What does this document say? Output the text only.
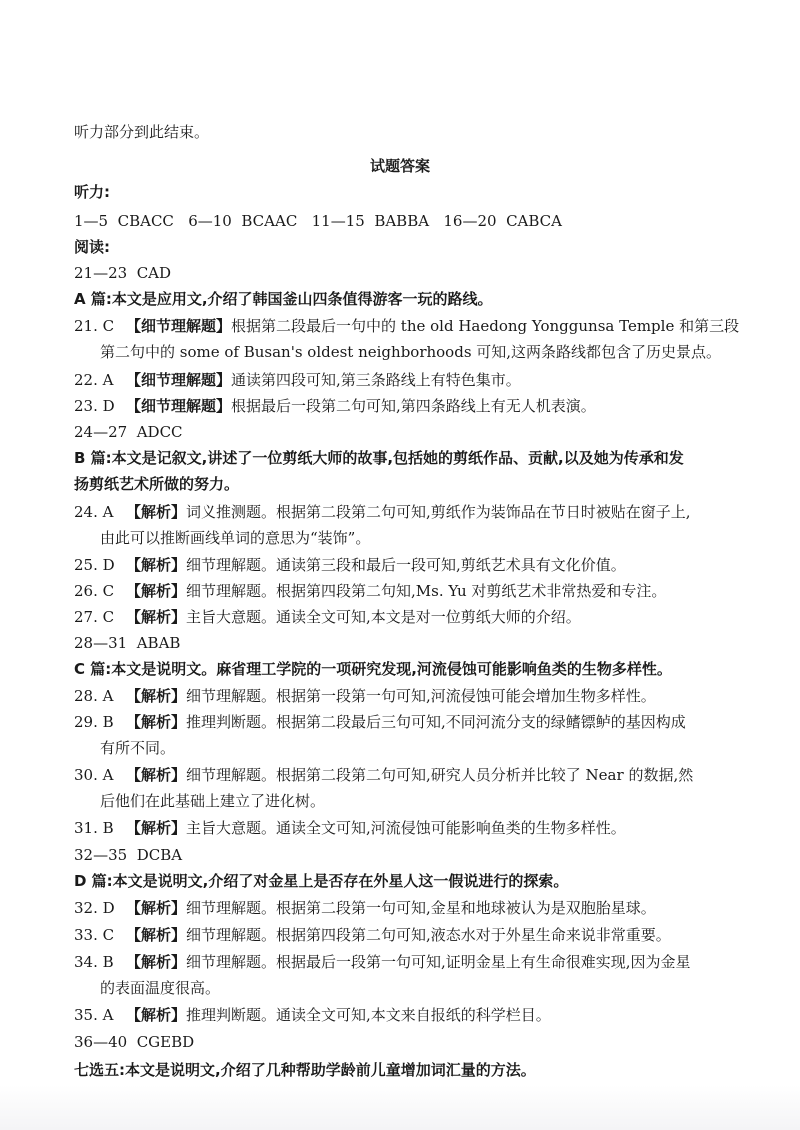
听力部分到此结束。
试题答案
听力:
1—5  CBACC   6—10  BCAAC   11—15  BABBA   16—20  CABCA
阅读:
21—23  CAD
A 篇:本文是应用文,介绍了韩国釜山四条值得游客一玩的路线。
21. C 【细节理解题】根据第二段最后一句中的 the old Haedong Yonggunsa Temple 和第三段
第二句中的 some of Busan's oldest neighborhoods 可知,这两条路线都包含了历史景点。
22. A 【细节理解题】通读第四段可知,第三条路线上有特色集市。
23. D 【细节理解题】根据最后一段第二句可知,第四条路线上有无人机表演。
24—27  ADCC
B 篇:本文是记叙文,讲述了一位剪纸大师的故事,包括她的剪纸作品、贡献,以及她为传承和发
扬剪纸艺术所做的努力。
24. A 【解析】词义推测题。根据第二段第二句可知,剪纸作为装饰品在节日时被贴在窗子上,
由此可以推断画线单词的意思为“装饰”。
25. D 【解析】细节理解题。通读第三段和最后一段可知,剪纸艺术具有文化价值。
26. C 【解析】细节理解题。根据第四段第二句知,Ms. Yu 对剪纸艺术非常热爱和专注。
27. C 【解析】主旨大意题。通读全文可知,本文是对一位剪纸大师的介绍。
28—31  ABAB
C 篇:本文是说明文。麻省理工学院的一项研究发现,河流侵蚀可能影响鱼类的生物多样性。
28. A 【解析】细节理解题。根据第一段第一句可知,河流侵蚀可能会增加生物多样性。
29. B 【解析】推理判断题。根据第二段最后三句可知,不同河流分支的绿鳍镖鲈的基因构成
有所不同。
30. A 【解析】细节理解题。根据第二段第二句可知,研究人员分析并比较了 Near 的数据,然
后他们在此基础上建立了进化树。
31. B 【解析】主旨大意题。通读全文可知,河流侵蚀可能影响鱼类的生物多样性。
32—35  DCBA
D 篇:本文是说明文,介绍了对金星上是否存在外星人这一假说进行的探索。
32. D 【解析】细节理解题。根据第二段第一句可知,金星和地球被认为是双胞胎星球。
33. C 【解析】细节理解题。根据第四段第二句可知,液态水对于外星生命来说非常重要。
34. B 【解析】细节理解题。根据最后一段第一句可知,证明金星上有生命很难实现,因为金星
的表面温度很高。
35. A 【解析】推理判断题。通读全文可知,本文来自报纸的科学栏目。
36—40  CGEBD
七选五:本文是说明文,介绍了几种帮助学龄前儿童增加词汇量的方法。
